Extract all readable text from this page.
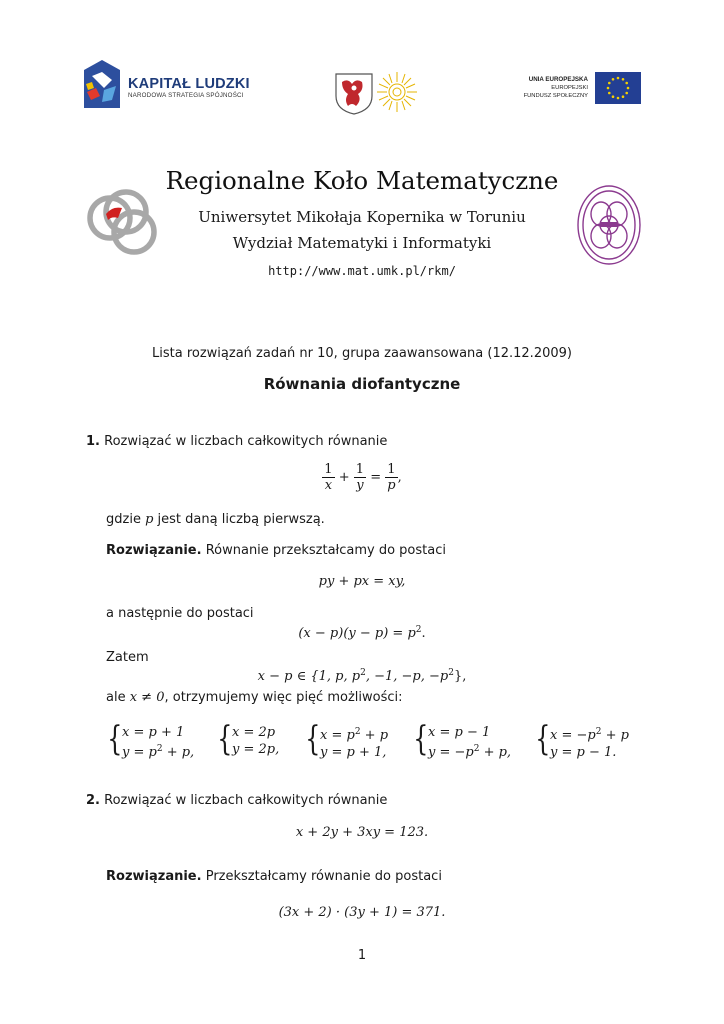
KAPITAŁ LUDZKI
NARODOWA STRATEGIA SPÓJNOŚCI
UNIA EUROPEJSKA
EUROPEJSKI
FUNDUSZ SPOŁECZNY
Regionalne Koło Matematyczne
Uniwersytet Mikołaja Kopernika w Toruniu
Wydział Matematyki i Informatyki
http://www.mat.umk.pl/rkm/
Lista rozwiązań zadań nr 10, grupa zaawansowana (12.12.2009)
Równania diofantyczne
1. Rozwiązać w liczbach całkowitych równanie
$\frac{1}{x} + \frac{1}{y} = \frac{1}{p}$ ,
gdzie p jest daną liczbą pierwszą.
Rozwiązanie. Równanie przekształcamy do postaci
py + px = xy,
a następnie do postaci
$(x - p)(y - p) = p^2$.
Zatem
x − p ∈ {1, p, $p^2$, −1, −p, $-p^2$},
ale x ≠ 0, otrzymujemy więc pięć możliwości:
{ x = p + 1
$y = p^2 + p$, { x = 2p
y = 2p, { $x = p^2 + p$
y = p + 1, { x = p − 1
$y = -p^2 + p$, { $x = -p^2 + p$
y = p − 1.
2. Rozwiązać w liczbach całkowitych równanie
x + 2y + 3xy = 123.
Rozwiązanie. Przekształcamy równanie do postaci
(3x + 2) · (3y + 1) = 371.
1
